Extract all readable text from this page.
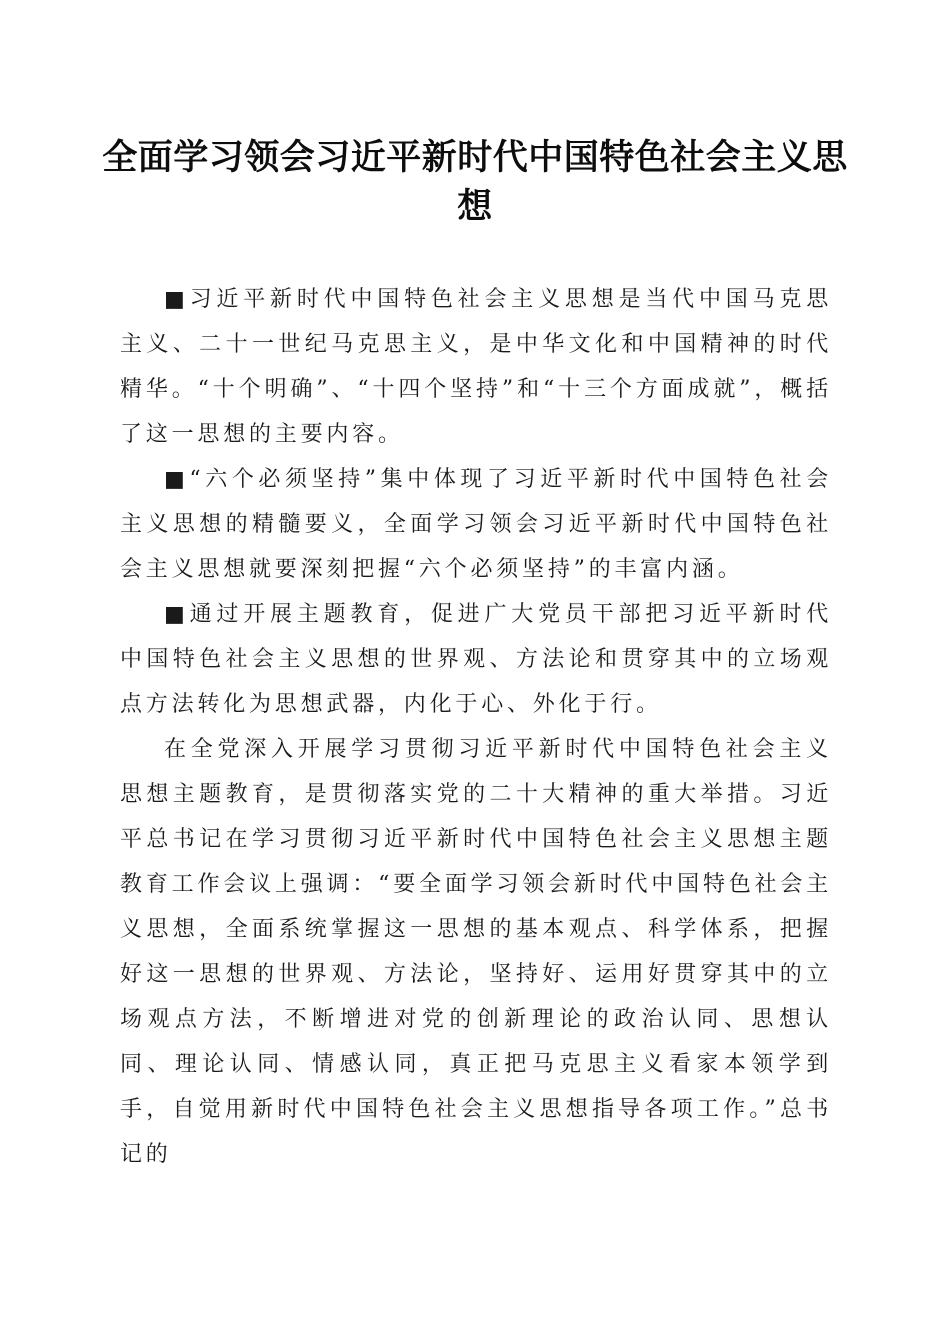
全面学习领会习近平新时代中国特色社会主义思想

■习近平新时代中国特色社会主义思想是当代中国马克思主义、二十一世纪马克思主义，是中华文化和中国精神的时代精华。“十个明确”、“十四个坚持”和“十三个方面成就”，概括了这一思想的主要内容。

■“六个必须坚持”集中体现了习近平新时代中国特色社会主义思想的精髓要义，全面学习领会习近平新时代中国特色社会主义思想就要深刻把握“六个必须坚持”的丰富内涵。

■通过开展主题教育，促进广大党员干部把习近平新时代中国特色社会主义思想的世界观、方法论和贯穿其中的立场观点方法转化为思想武器，内化于心、外化于行。

在全党深入开展学习贯彻习近平新时代中国特色社会主义思想主题教育，是贯彻落实党的二十大精神的重大举措。习近平总书记在学习贯彻习近平新时代中国特色社会主义思想主题教育工作会议上强调：“要全面学习领会新时代中国特色社会主义思想，全面系统掌握这一思想的基本观点、科学体系，把握好这一思想的世界观、方法论，坚持好、运用好贯穿其中的立场观点方法，不断增进对党的创新理论的政治认同、思想认同、理论认同、情感认同，真正把马克思主义看家本领学到手，自觉用新时代中国特色社会主义思想指导各项工作。”总书记的
